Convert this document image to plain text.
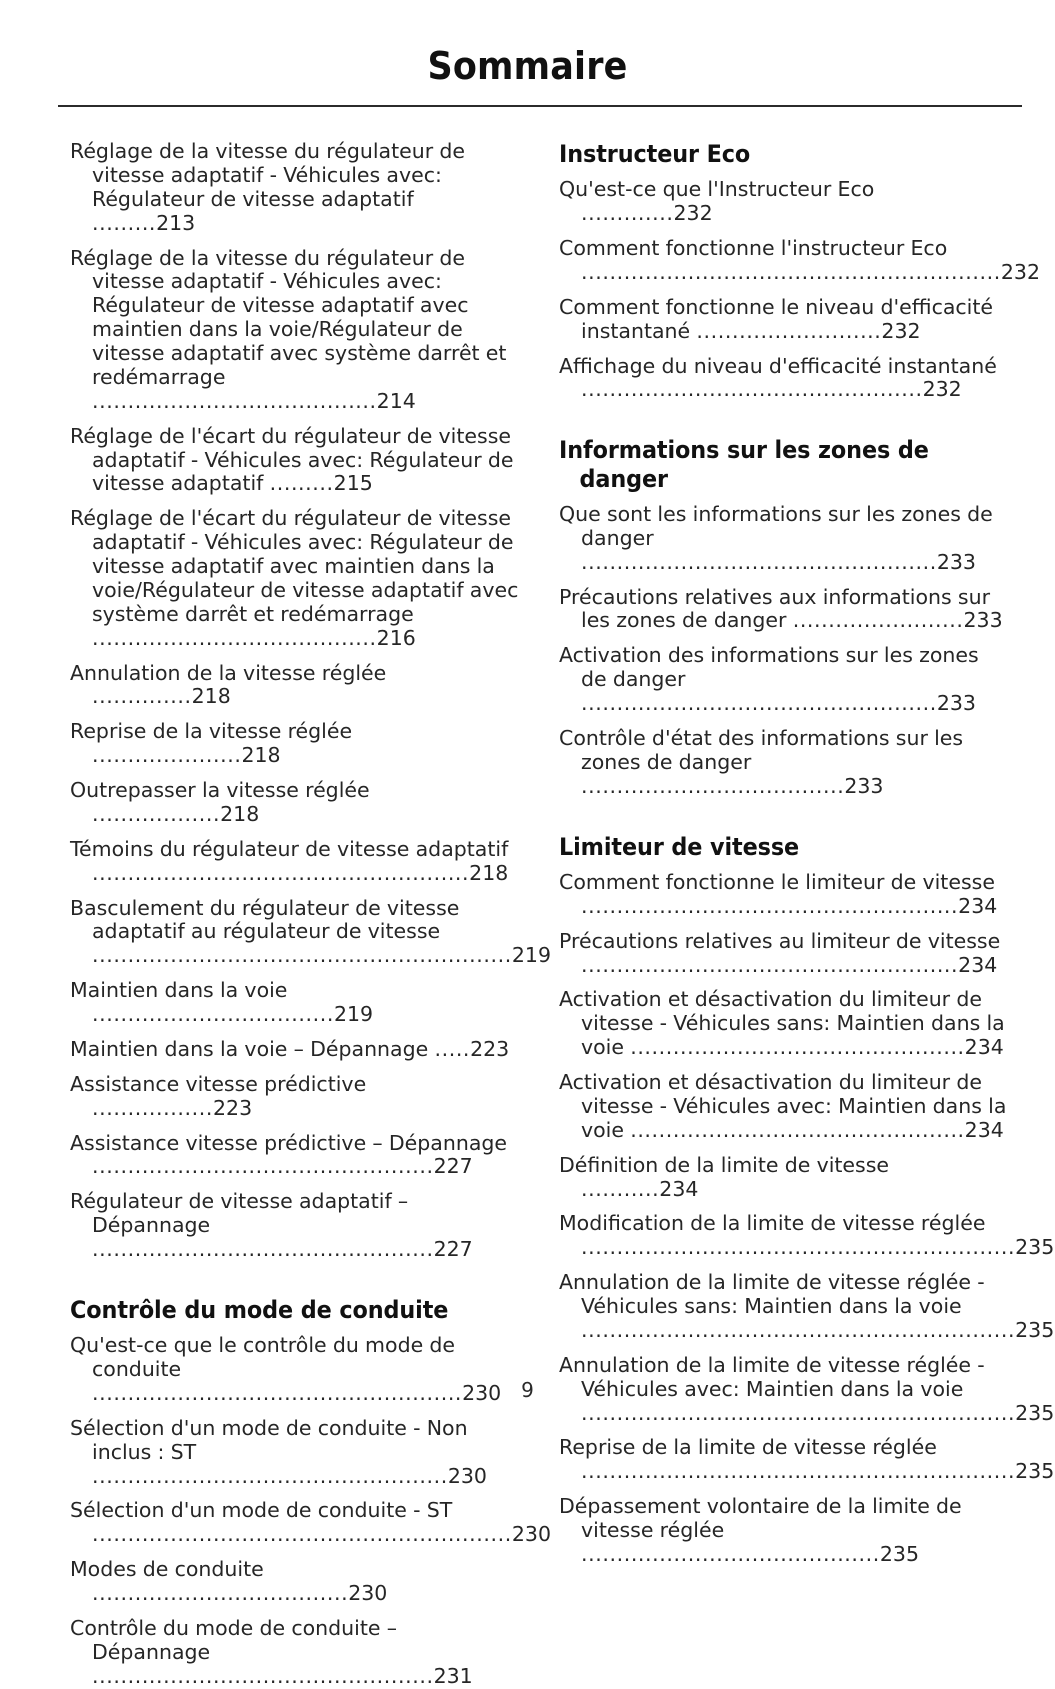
Sommaire
Réglage de la vitesse du régulateur de vitesse adaptatif - Véhicules avec: Régulateur de vitesse adaptatif .........213
Réglage de la vitesse du régulateur de vitesse adaptatif - Véhicules avec: Régulateur de vitesse adaptatif avec maintien dans la voie/Régulateur de vitesse adaptatif avec système darrêt et redémarrage ........................................214
Réglage de l'écart du régulateur de vitesse adaptatif - Véhicules avec: Régulateur de vitesse adaptatif .........215
Réglage de l'écart du régulateur de vitesse adaptatif - Véhicules avec: Régulateur de vitesse adaptatif avec maintien dans la voie/Régulateur de vitesse adaptatif avec système darrêt et redémarrage ........................................216
Annulation de la vitesse réglée ..............218
Reprise de la vitesse réglée .....................218
Outrepasser la vitesse réglée ..................218
Témoins du régulateur de vitesse adaptatif .....................................................218
Basculement du régulateur de vitesse adaptatif au régulateur de vitesse ...........................................................219
Maintien dans la voie ..................................219
Maintien dans la voie – Dépannage .....223
Assistance vitesse prédictive .................223
Assistance vitesse prédictive – Dépannage ................................................227
Régulateur de vitesse adaptatif – Dépannage ................................................227
Contrôle du mode de conduite
Qu'est-ce que le contrôle du mode de conduite ....................................................230
Sélection d'un mode de conduite - Non inclus : ST ..................................................230
Sélection d'un mode de conduite - ST ...........................................................230
Modes de conduite ....................................230
Contrôle du mode de conduite – Dépannage ................................................231
Instructeur Eco
Qu'est-ce que l'Instructeur Eco .............232
Comment fonctionne l'instructeur Eco ...........................................................232
Comment fonctionne le niveau d'efficacité instantané ..........................232
Affichage du niveau d'efficacité instantané ................................................232
Informations sur les zones de danger
Que sont les informations sur les zones de danger ..................................................233
Précautions relatives aux informations sur les zones de danger ........................233
Activation des informations sur les zones de danger ..................................................233
Contrôle d'état des informations sur les zones de danger .....................................233
Limiteur de vitesse
Comment fonctionne le limiteur de vitesse .....................................................234
Précautions relatives au limiteur de vitesse .....................................................234
Activation et désactivation du limiteur de vitesse - Véhicules sans: Maintien dans la voie ...............................................234
Activation et désactivation du limiteur de vitesse - Véhicules avec: Maintien dans la voie ...............................................234
Définition de la limite de vitesse ...........234
Modification de la limite de vitesse réglée .............................................................235
Annulation de la limite de vitesse réglée - Véhicules sans: Maintien dans la voie .............................................................235
Annulation de la limite de vitesse réglée - Véhicules avec: Maintien dans la voie .............................................................235
Reprise de la limite de vitesse réglée .............................................................235
Dépassement volontaire de la limite de vitesse réglée ..........................................235
9
